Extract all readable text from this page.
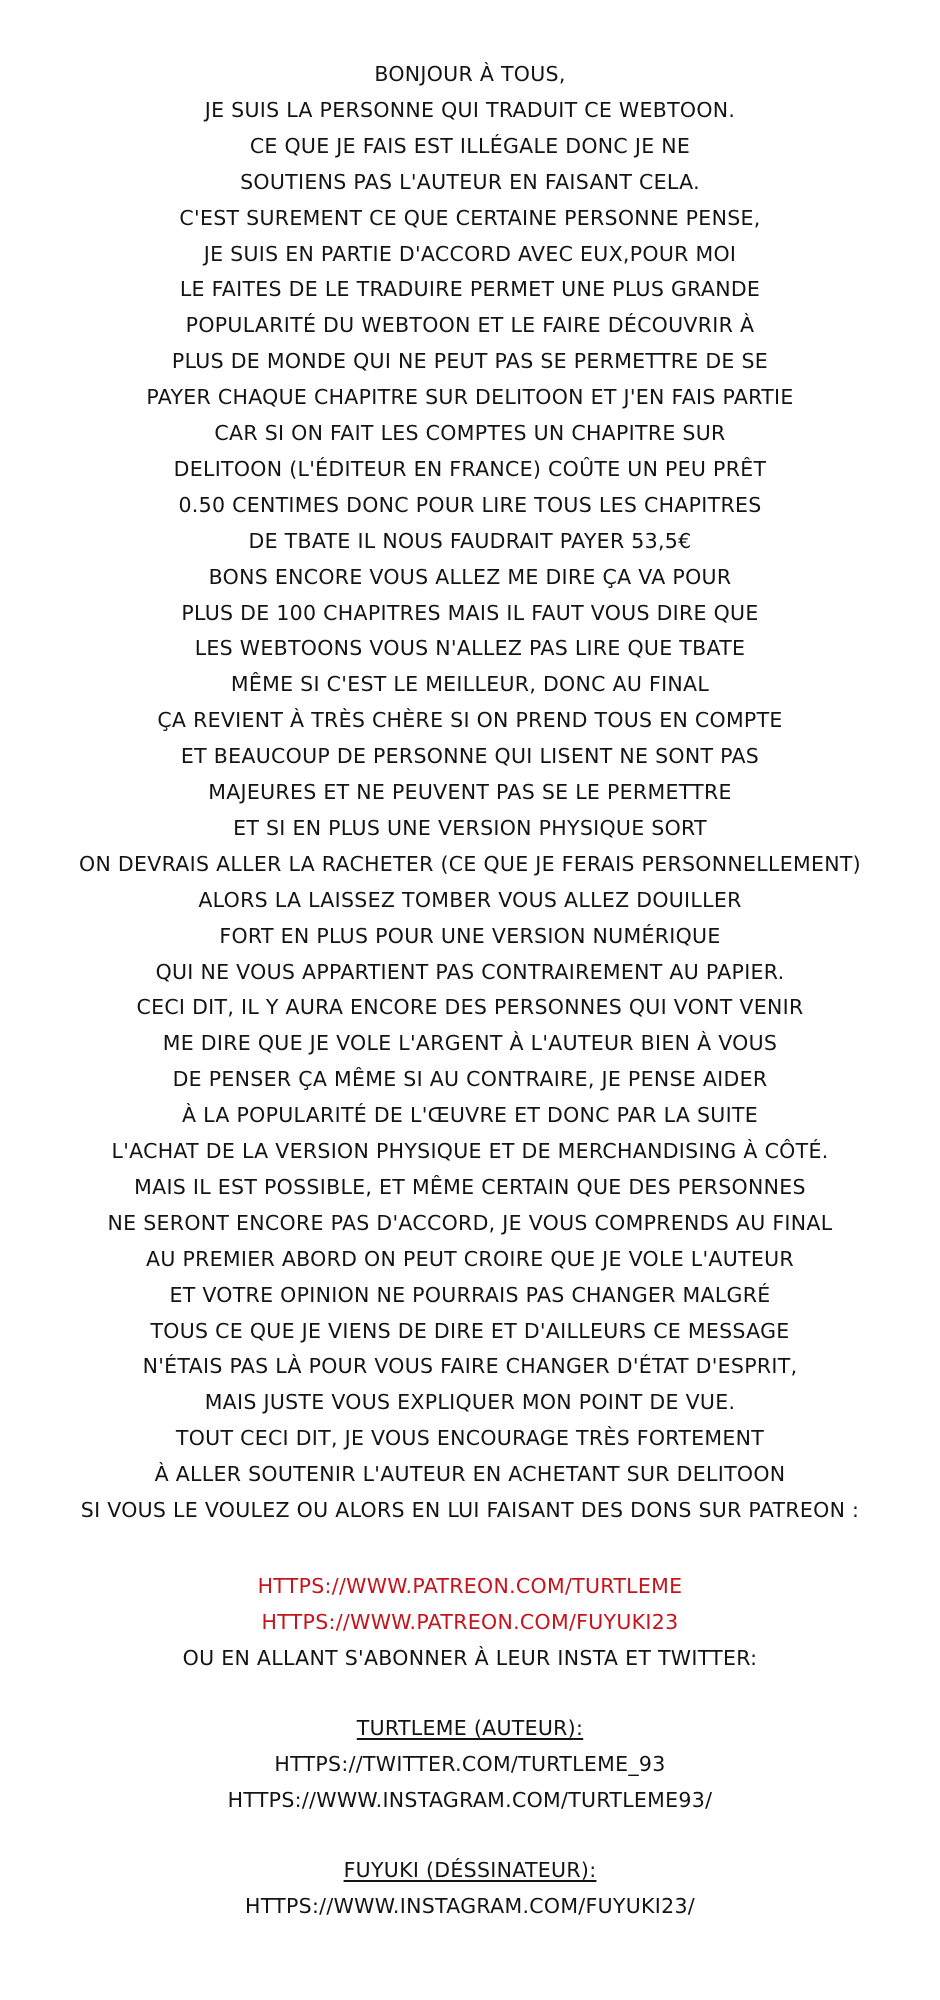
BONJOUR À TOUS,
JE SUIS LA PERSONNE QUI TRADUIT CE WEBTOON.
CE QUE JE FAIS EST ILLÉGALE DONC JE NE
SOUTIENS PAS L'AUTEUR EN FAISANT CELA.
C'EST SUREMENT CE QUE CERTAINE PERSONNE PENSE,
JE SUIS EN PARTIE D'ACCORD AVEC EUX,POUR MOI
LE FAITES DE LE TRADUIRE PERMET UNE PLUS GRANDE
POPULARITÉ DU WEBTOON ET LE FAIRE DÉCOUVRIR À
PLUS DE MONDE QUI NE PEUT PAS SE PERMETTRE DE SE
PAYER CHAQUE CHAPITRE SUR DELITOON ET J'EN FAIS PARTIE
CAR SI ON FAIT LES COMPTES UN CHAPITRE SUR
DELITOON (L'ÉDITEUR EN FRANCE) COÛTE UN PEU PRÊT
0.50 CENTIMES DONC POUR LIRE TOUS LES CHAPITRES
DE TBATE IL NOUS FAUDRAIT PAYER 53,5€
BONS ENCORE VOUS ALLEZ ME DIRE ÇA VA POUR
PLUS DE 100 CHAPITRES MAIS IL FAUT VOUS DIRE QUE
LES WEBTOONS VOUS N'ALLEZ PAS LIRE QUE TBATE
MÊME SI C'EST LE MEILLEUR, DONC AU FINAL
ÇA REVIENT À TRÈS CHÈRE SI ON PREND TOUS EN COMPTE
ET BEAUCOUP DE PERSONNE QUI LISENT NE SONT PAS
MAJEURES ET NE PEUVENT PAS SE LE PERMETTRE
ET SI EN PLUS UNE VERSION PHYSIQUE SORT
ON DEVRAIS ALLER LA RACHETER (CE QUE JE FERAIS PERSONNELLEMENT)
ALORS LA LAISSEZ TOMBER VOUS ALLEZ DOUILLER
FORT EN PLUS POUR UNE VERSION NUMÉRIQUE
QUI NE VOUS APPARTIENT PAS CONTRAIREMENT AU PAPIER.
CECI DIT, IL Y AURA ENCORE DES PERSONNES QUI VONT VENIR
ME DIRE QUE JE VOLE L'ARGENT À L'AUTEUR BIEN À VOUS
DE PENSER ÇA MÊME SI AU CONTRAIRE, JE PENSE AIDER
À LA POPULARITÉ DE L'ŒUVRE ET DONC PAR LA SUITE
L'ACHAT DE LA VERSION PHYSIQUE ET DE MERCHANDISING À CÔTÉ.
MAIS IL EST POSSIBLE, ET MÊME CERTAIN QUE DES PERSONNES
NE SERONT ENCORE PAS D'ACCORD, JE VOUS COMPRENDS AU FINAL
AU PREMIER ABORD ON PEUT CROIRE QUE JE VOLE L'AUTEUR
ET VOTRE OPINION NE POURRAIS PAS CHANGER MALGRÉ
TOUS CE QUE JE VIENS DE DIRE ET D'AILLEURS CE MESSAGE
N'ÉTAIS PAS LÀ POUR VOUS FAIRE CHANGER D'ÉTAT D'ESPRIT,
MAIS JUSTE VOUS EXPLIQUER MON POINT DE VUE.
TOUT CECI DIT, JE VOUS ENCOURAGE TRÈS FORTEMENT
À ALLER SOUTENIR L'AUTEUR EN ACHETANT SUR DELITOON
SI VOUS LE VOULEZ OU ALORS EN LUI FAISANT DES DONS SUR PATREON :
HTTPS://WWW.PATREON.COM/TURTLEME
HTTPS://WWW.PATREON.COM/FUYUKI23
OU EN ALLANT S'ABONNER À LEUR INSTA ET TWITTER:
TURTLEME (AUTEUR):
HTTPS://TWITTER.COM/TURTLEME_93
HTTPS://WWW.INSTAGRAM.COM/TURTLEME93/
FUYUKI (DÉSSINATEUR):
HTTPS://WWW.INSTAGRAM.COM/FUYUKI23/
